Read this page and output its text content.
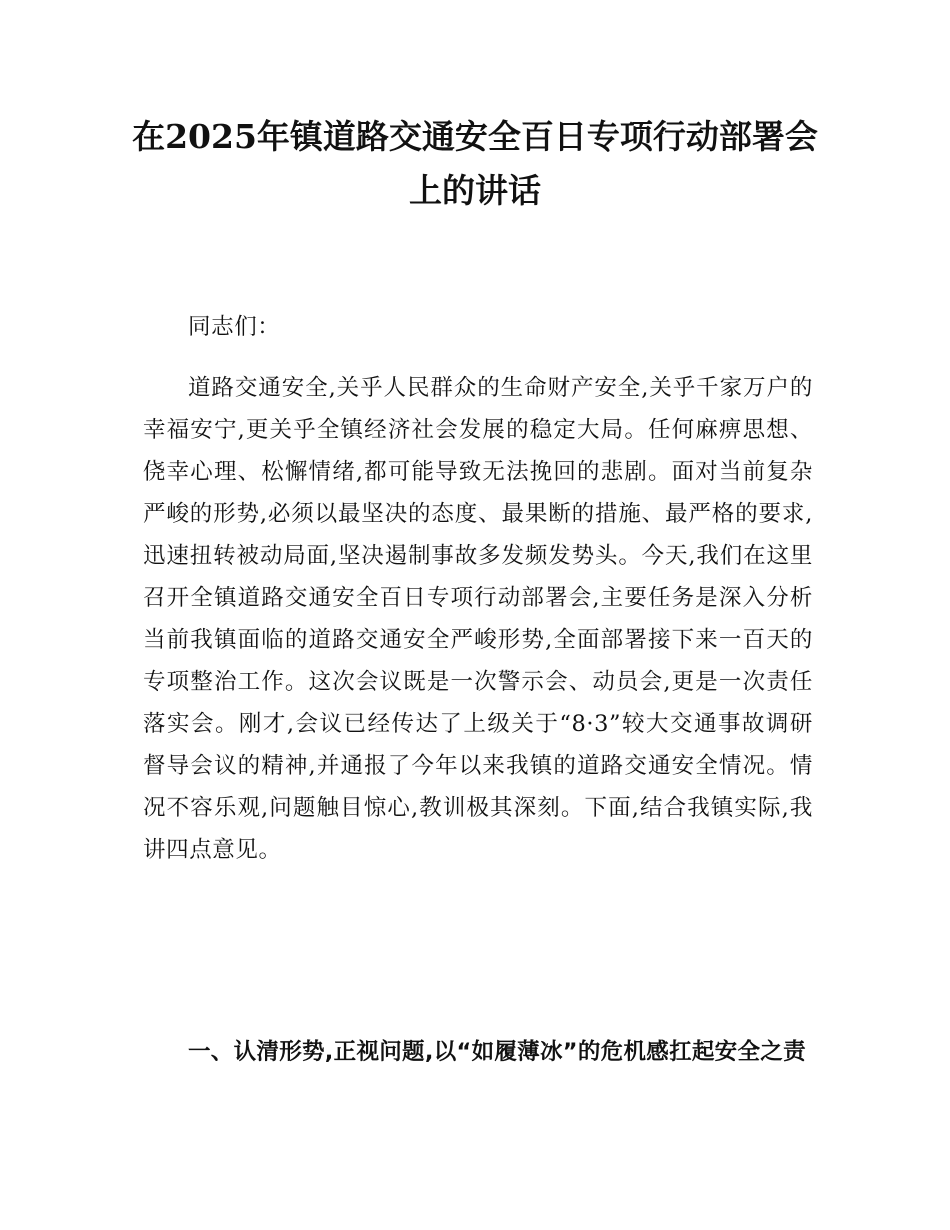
在2025年镇道路交通安全百日专项行动部署会上的讲话

同志们：

道路交通安全,关乎人民群众的生命财产安全,关乎千家万户的幸福安宁,更关乎全镇经济社会发展的稳定大局。任何麻痹思想、侥幸心理、松懈情绪,都可能导致无法挽回的悲剧。面对当前复杂严峻的形势,必须以最坚决的态度、最果断的措施、最严格的要求,迅速扭转被动局面,坚决遏制事故多发频发势头。今天,我们在这里召开全镇道路交通安全百日专项行动部署会,主要任务是深入分析当前我镇面临的道路交通安全严峻形势,全面部署接下来一百天的专项整治工作。这次会议既是一次警示会、动员会,更是一次责任落实会。刚才,会议已经传达了上级关于“8·3”较大交通事故调研督导会议的精神,并通报了今年以来我镇的道路交通安全情况。情况不容乐观,问题触目惊心,教训极其深刻。下面,结合我镇实际,我讲四点意见。

一、认清形势,正视问题,以“如履薄冰”的危机感扛起安全之责
